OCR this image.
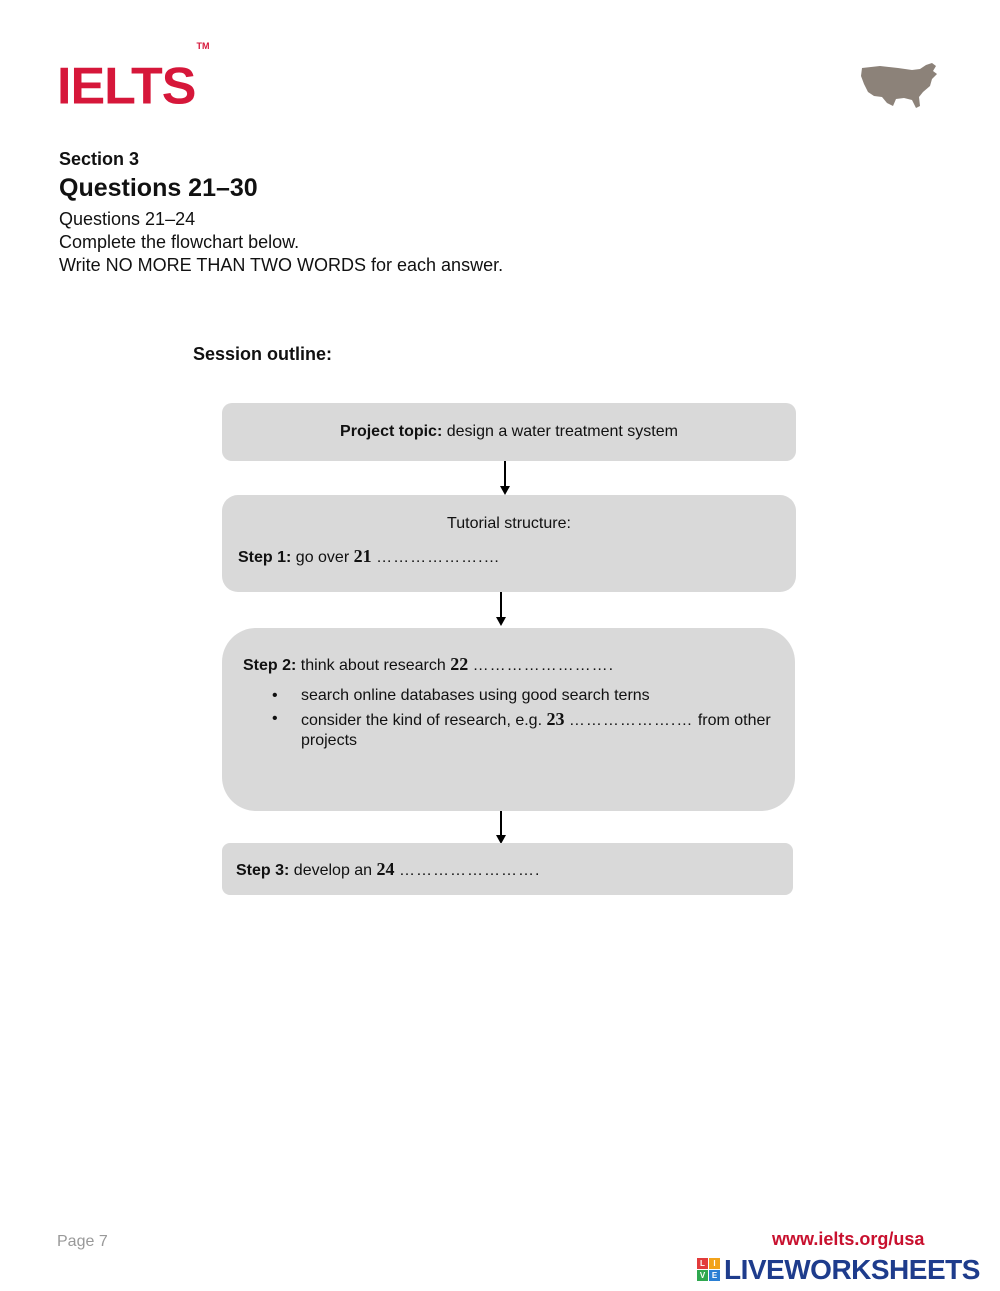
IELTS™
Section 3
Questions 21–30
Questions 21–24
Complete the flowchart below.
Write NO MORE THAN TWO WORDS for each answer.
Session outline:
Project topic: design a water treatment system
Tutorial structure:
Step 1: go over 21 ……………….…
Step 2: think about research 22 …………………….
• search online databases using good search terns
• consider the kind of research, e.g. 23 ……………….… from other projects
Step 3: develop an 24 …………………….
Page 7	www.ielts.org/usa
L	I
V E LIVEWORKSHEETS
